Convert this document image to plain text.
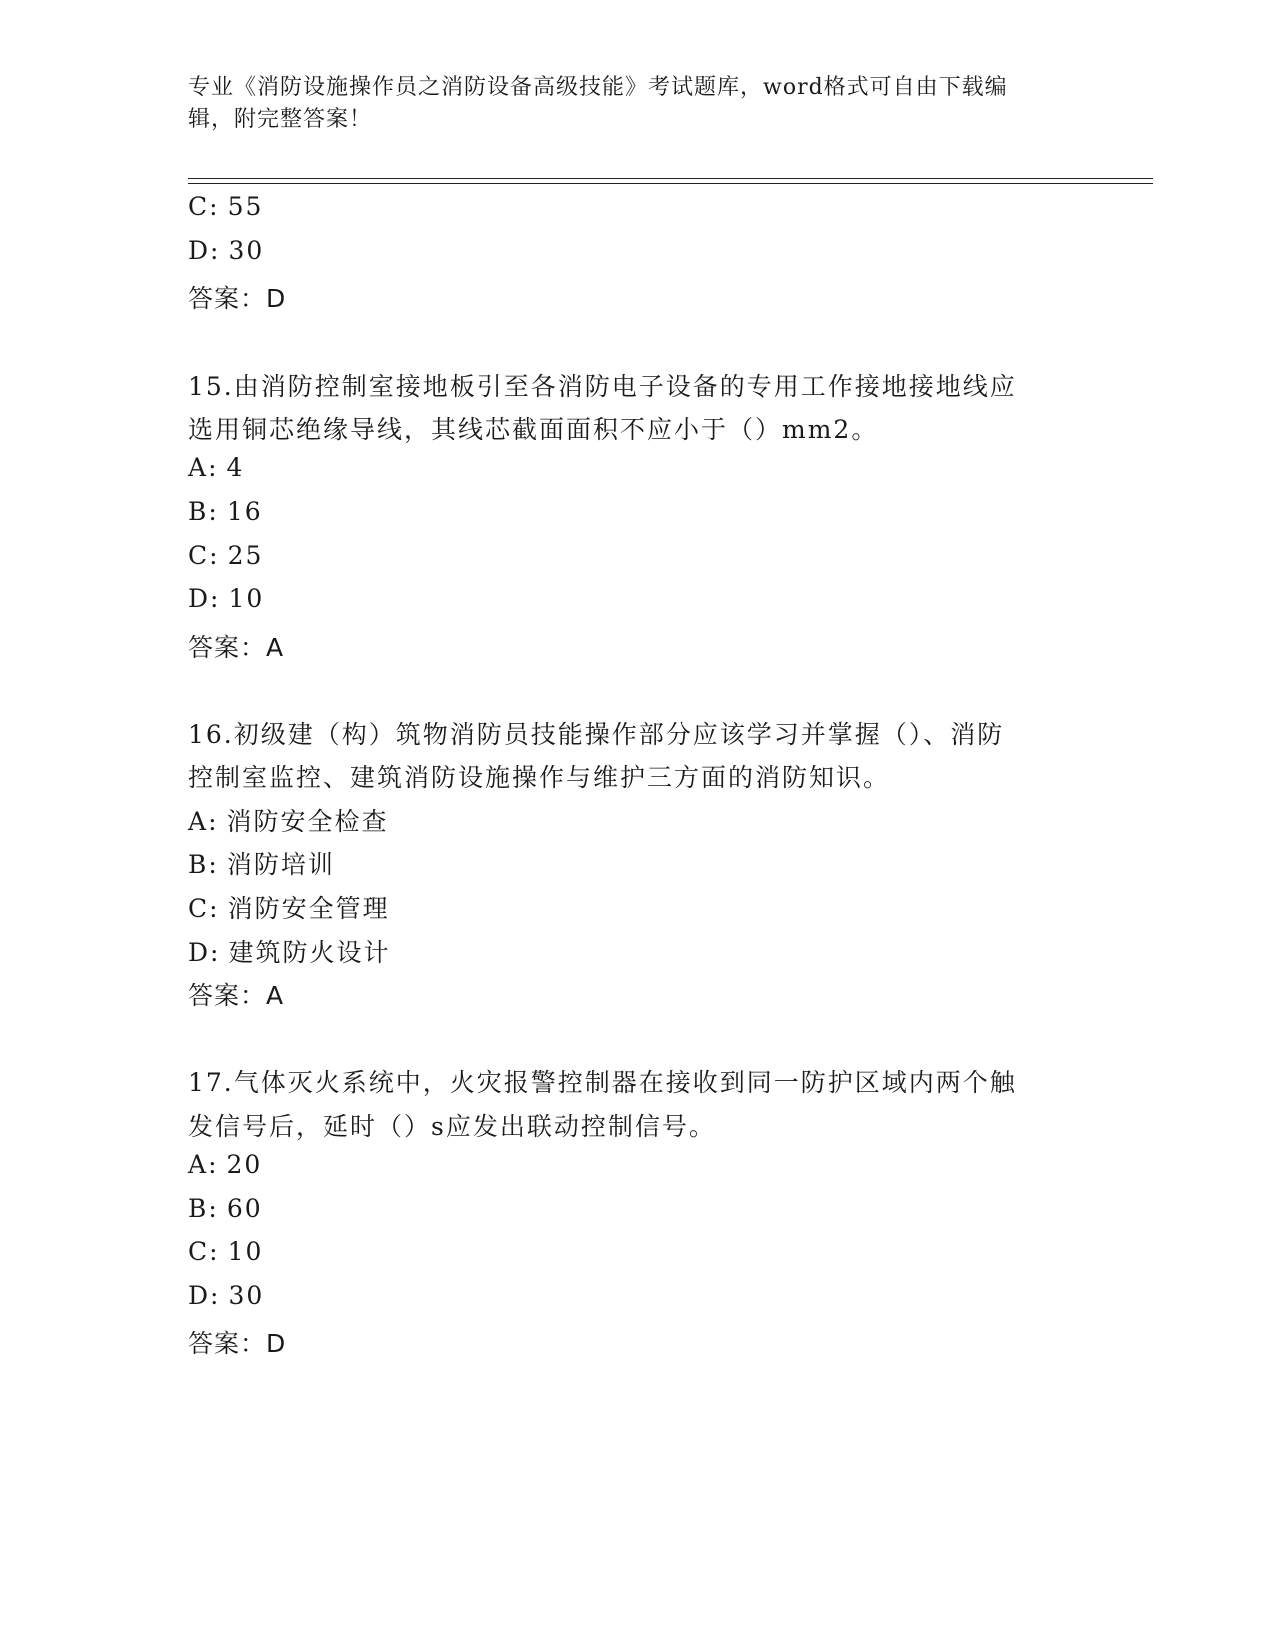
专业《消防设施操作员之消防设备高级技能》考试题库，word格式可自由下载编
辑，附完整答案！
C: 55
D: 30
答案：D
15.由消防控制室接地板引至各消防电子设备的专用工作接地接地线应
选用铜芯绝缘导线，其线芯截面面积不应小于（）mm2。
A: 4
B: 16
C: 25
D: 10
答案：A
16.初级建（构）筑物消防员技能操作部分应该学习并掌握（）、消防
控制室监控、建筑消防设施操作与维护三方面的消防知识。
A: 消防安全检查
B: 消防培训
C: 消防安全管理
D: 建筑防火设计
答案：A
17.气体灭火系统中，火灾报警控制器在接收到同一防护区域内两个触
发信号后，延时（）s应发出联动控制信号。
A: 20
B: 60
C: 10
D: 30
答案：D
